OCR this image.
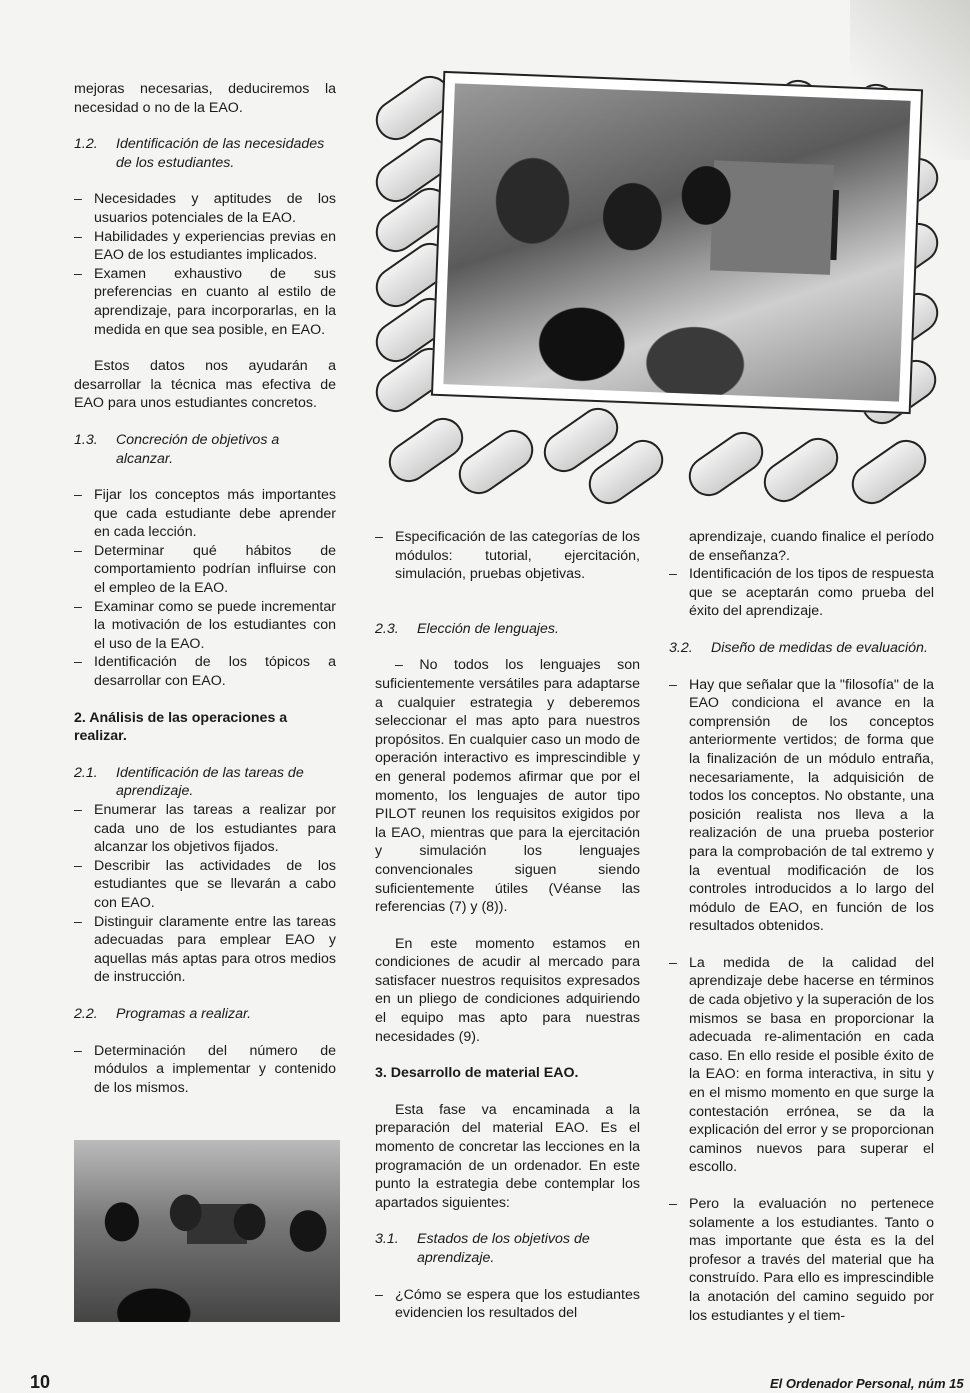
mejoras necesarias, deduciremos la necesidad o no de la EAO.

1.2.	Identificación de las necesidades de los estudiantes.

– Necesidades y aptitudes de los usuarios potenciales de la EAO.
– Habilidades y experiencias previas en EAO de los estudiantes implicados.
– Examen exhaustivo de sus preferencias en cuanto al estilo de aprendizaje, para incorporarlas, en la medida en que sea posible, en EAO.

Estos datos nos ayudarán a desarrollar la técnica mas efectiva de EAO para unos estudiantes concretos.

1.3.	Concreción de objetivos a alcanzar.

– Fijar los conceptos más importantes que cada estudiante debe aprender en cada lección.
– Determinar qué hábitos de comportamiento podrían influirse con el empleo de la EAO.
– Examinar como se puede incrementar la motivación de los estudiantes con el uso de la EAO.
– Identificación de los tópicos a desarrollar con EAO.

2. Análisis de las operaciones a realizar.

2.1.	Identificación de las tareas de aprendizaje.

– Enumerar las tareas a realizar por cada uno de los estudiantes para alcanzar los objetivos fijados.
– Describir las actividades de los estudiantes que se llevarán a cabo con EAO.
– Distinguir claramente entre las tareas adecuadas para emplear EAO y aquellas más aptas para otros medios de instrucción.

2.2.	Programas a realizar.

– Determinación del número de módulos a implementar y contenido de los mismos.
– Especificación de las categorías de los módulos: tutorial, ejercitación, simulación, pruebas objetivas.

2.3.	Elección de lenguajes.

– No todos los lenguajes son suficientemente versátiles para adaptarse a cualquier estrategia y deberemos seleccionar el mas apto para nuestros propósitos. En cualquier caso un modo de operación interactivo es imprescindible y en general podemos afirmar que por el momento, los lenguajes de autor tipo PILOT reunen los requisitos exigidos por la EAO, mientras que para la ejercitación y simulación los lenguajes convencionales siguen siendo suficientemente útiles (Véanse las referencias (7) y (8)).

En este momento estamos en condiciones de acudir al mercado para satisfacer nuestros requisitos expresados en un pliego de condiciones adquiriendo el equipo mas apto para nuestras necesidades (9).

3. Desarrollo de material EAO.

Esta fase va encaminada a la preparación del material EAO. Es el momento de concretar las lecciones en la programación de un ordenador. En este punto la estrategia debe contemplar los apartados siguientes:

3.1.	Estados de los objetivos de aprendizaje.

– ¿Cómo se espera que los estudiantes evidencien los resultados del

aprendizaje, cuando finalice el período de enseñanza?.

– Identificación de los tipos de respuesta que se aceptarán como prueba del éxito del aprendizaje.

3.2.	Diseño de medidas de evaluación.

– Hay que señalar que la "filosofía" de la EAO condiciona el avance en la comprensión de los conceptos anteriormente vertidos; de forma que la finalización de un módulo entraña, necesariamente, la adquisición de todos los conceptos. No obstante, una posición realista nos lleva a la realización de una prueba posterior para la comprobación de tal extremo y la eventual modificación de los controles introducidos a lo largo del módulo de EAO, en función de los resultados obtenidos.
– La medida de la calidad del aprendizaje debe hacerse en términos de cada objetivo y la superación de los mismos se basa en proporcionar la adecuada re-alimentación en cada caso. En ello reside el posible éxito de la EAO: en forma interactiva, in situ y en el mismo momento en que surge la contestación errónea, se da la explicación del error y se proporcionan caminos nuevos para superar el escollo.
– Pero la evaluación no pertenece solamente a los estudiantes. Tanto o mas importante que ésta es la del profesor a través del material que ha construído. Para ello es imprescindible la anotación del camino seguido por los estudiantes y el tiem-
10	El Ordenador Personal, núm 15
